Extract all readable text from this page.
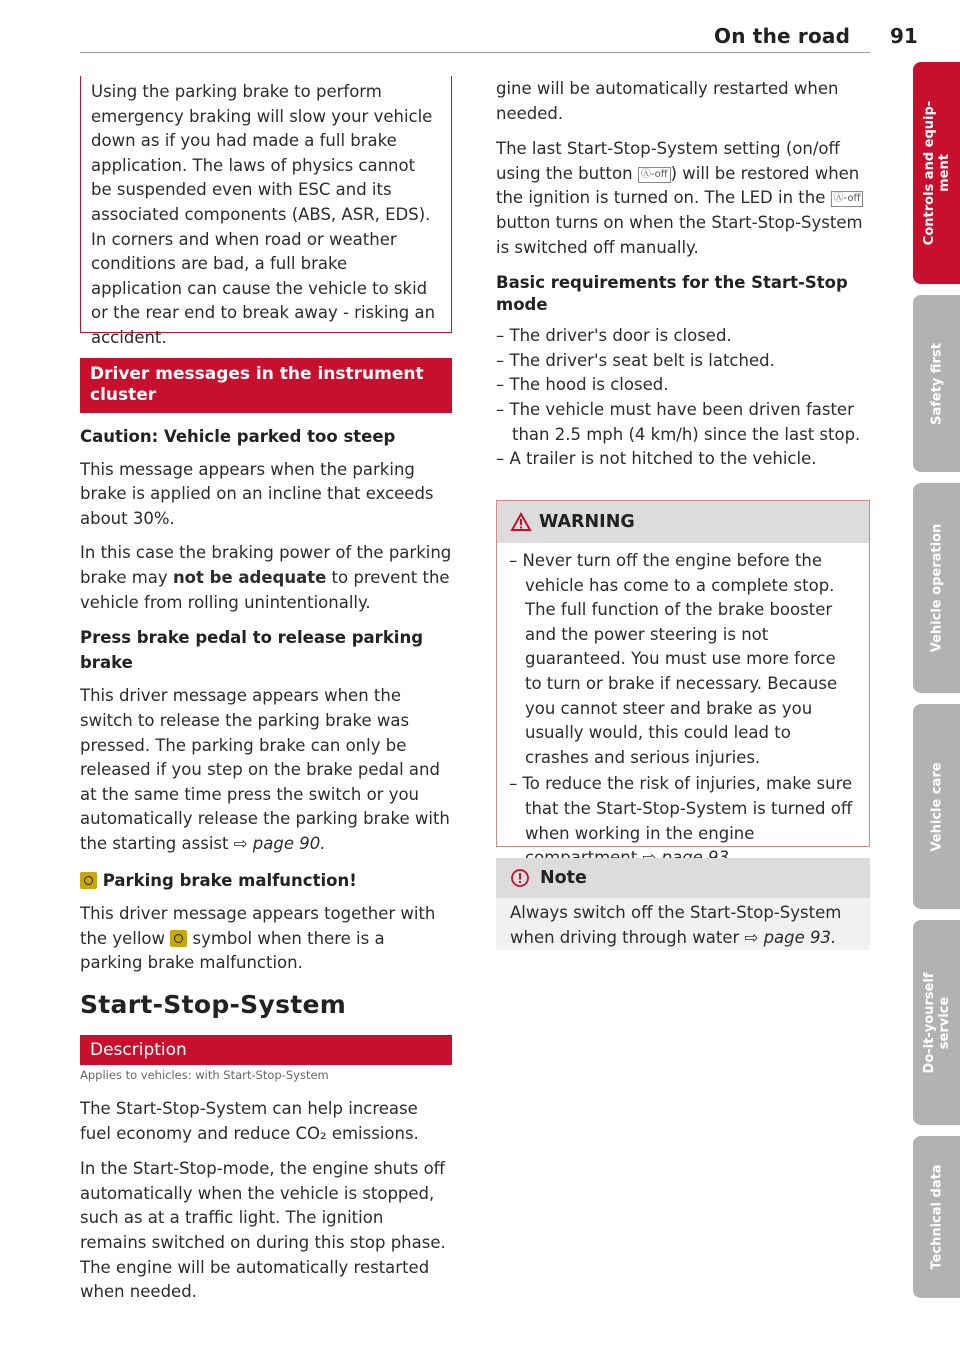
On the road 91

Using the parking brake to perform emergency braking will slow your vehicle down as if you had made a full brake application. The laws of physics cannot be suspended even with ESC and its associated components (ABS, ASR, EDS). In corners and when road or weather conditions are bad, a full brake application can cause the vehicle to skid or the rear end to break away - risking an accident.

Driver messages in the instrument cluster

Caution: Vehicle parked too steep

This message appears when the parking brake is applied on an incline that exceeds about 30%.

In this case the braking power of the parking brake may not be adequate to prevent the vehicle from rolling unintentionally.

Press brake pedal to release parking brake

This driver message appears when the switch to release the parking brake was pressed. The parking brake can only be released if you step on the brake pedal and at the same time press the switch or you automatically release the parking brake with the starting assist ⇨ page 90.

Parking brake malfunction!

This driver message appears together with the yellow  symbol when there is a parking brake malfunction.

Start-Stop-System
Description
Applies to vehicles: with Start-Stop-System

The Start-Stop-System can help increase fuel economy and reduce CO₂ emissions.

In the Start-Stop-mode, the engine shuts off automatically when the vehicle is stopped, such as at a traffic light. The ignition remains switched on during this stop phase. The engine will be automatically restarted when needed.

gine will be automatically restarted when needed.

The last Start-Stop-System setting (on/off using the button Ⓐ-off ) will be restored when the ignition is turned on. The LED in the Ⓐ-off button turns on when the Start-Stop-System is switched off manually.

Basic requirements for the Start-Stop mode

– The driver's door is closed.
– The driver's seat belt is latched.
– The hood is closed.
– The vehicle must have been driven faster than 2.5 mph (4 km/h) since the last stop.
– A trailer is not hitched to the vehicle.
WARNING
– Never turn off the engine before the vehicle has come to a complete stop. The full function of the brake booster and the power steering is not guaranteed. You must use more force to turn or brake if necessary. Because you cannot steer and brake as you usually would, this could lead to crashes and serious injuries.
– To reduce the risk of injuries, make sure that the Start-Stop-System is turned off when working in the engine
Note

Always switch off the Start-Stop-System when driving through water ⇨ page 93.

Controls and equip-
ment
Safety first
Vehicle operation
Vehicle care
Do-it-yourself
service
Technical data
